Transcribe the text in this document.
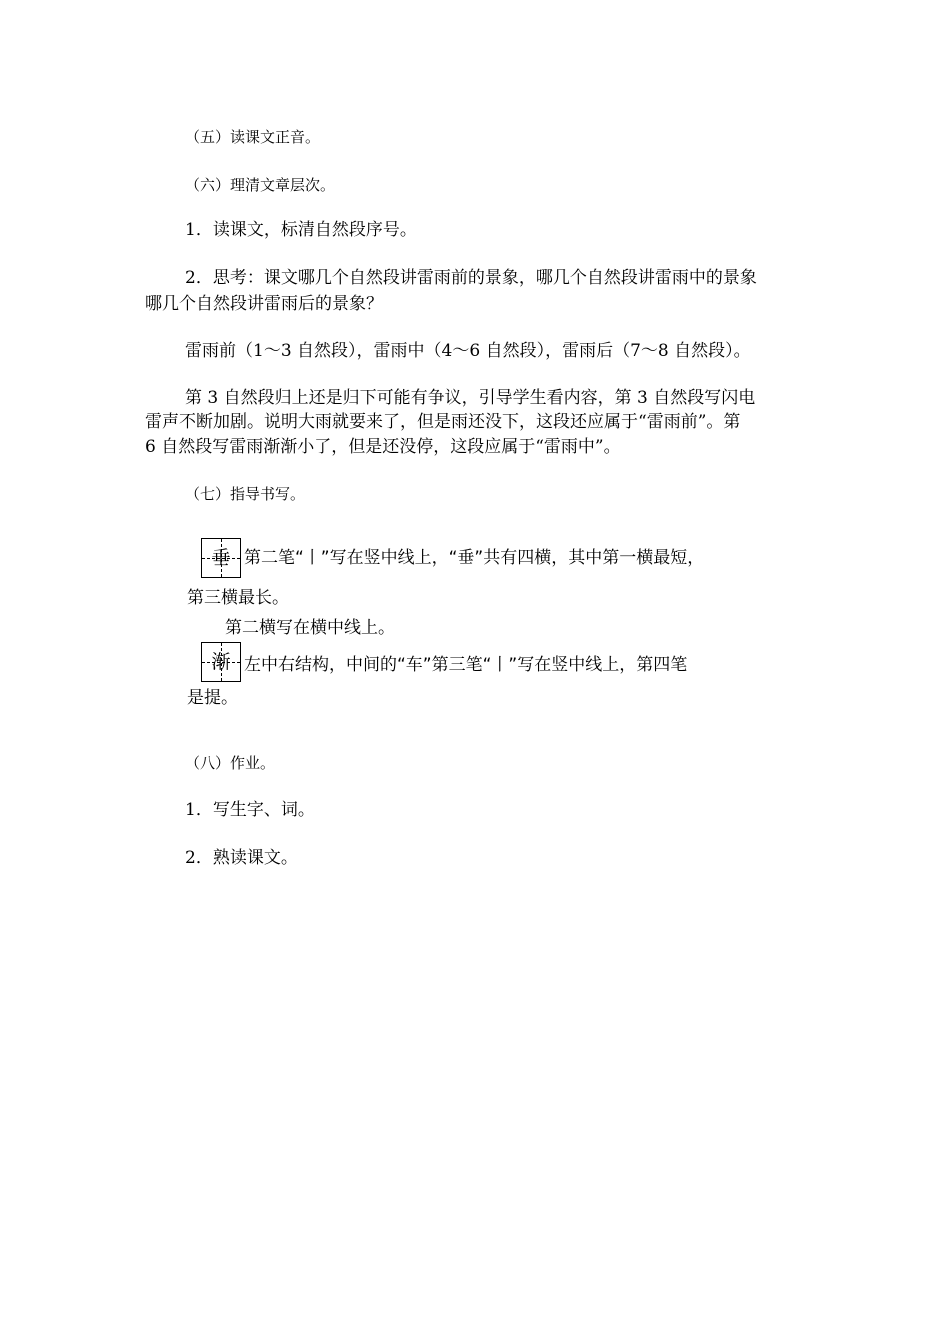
（五）读课文正音。
（六）理清文章层次。
1．读课文，标清自然段序号。
2．思考：课文哪几个自然段讲雷雨前的景象，哪几个自然段讲雷雨中的景象
哪几个自然段讲雷雨后的景象？
雷雨前（1～3 自然段），雷雨中（4～6 自然段），雷雨后（7～8 自然段）。
第 3 自然段归上还是归下可能有争议，引导学生看内容，第 3 自然段写闪电
雷声不断加剧。说明大雨就要来了，但是雨还没下，这段还应属于“雷雨前”。第
6 自然段写雷雨渐渐小了，但是还没停，这段应属于“雷雨中”。
（七）指导书写。
垂 第二笔“丨”写在竖中线上，“垂”共有四横，其中第一横最短，
第三横最长。
第二横写在横中线上。
渐 左中右结构，中间的“车”第三笔“丨”写在竖中线上，第四笔
是提。
（八）作业。
1．写生字、词。
2．熟读课文。
